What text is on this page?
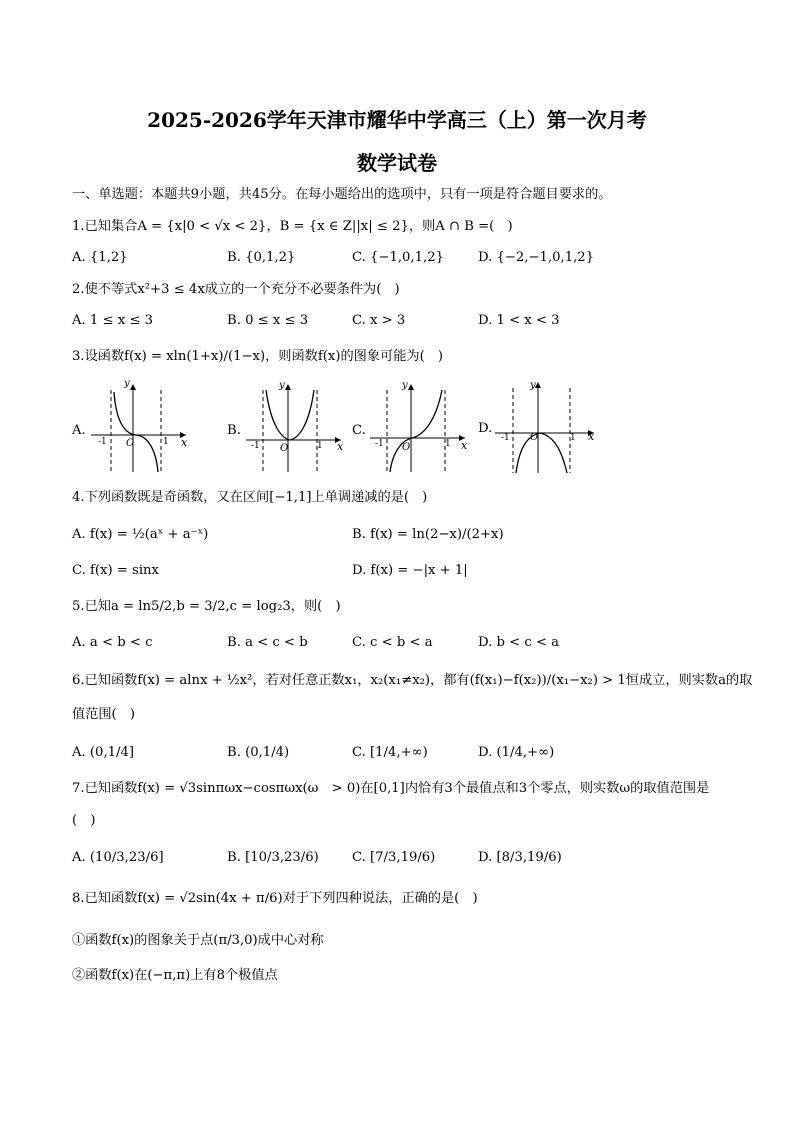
2025-2026学年天津市耀华中学高三（上）第一次月考
数学试卷
一、单选题：本题共9小题，共45分。在每小题给出的选项中，只有一项是符合题目要求的。
1.已知集合A = {x|0 < √x < 2}，B = {x ∈ Z||x| ≤ 2}，则A ∩ B =(　)
A. {1,2}	B. {0,1,2}	C. {−1,0,1,2}	D. {−2,−1,0,1,2}
2.使不等式x²+3 ≤ 4x成立的一个充分不必要条件为(　)
A. 1 ≤ x ≤ 3	B. 0 ≤ x ≤ 3	C. x > 3	D. 1 < x < 3
3.设函数f(x) = xln(1+x)/(1−x)，则函数f(x)的图象可能为(　)
A.
y
x
O
-1	1
B.
y
x
O
-1	1
C.
y
x
O
-1	1
D.
y
x
O
-1	1
4.下列函数既是奇函数，又在区间[−1,1]上单调递减的是(　)
A. f(x) = ½(aˣ + a⁻ˣ)	B. f(x) = ln(2−x)/(2+x)
C. f(x) = sinx	D. f(x) = −|x + 1|
5.已知a = ln5/2,b = 3/2,c = log₂3，则(　)
A. a < b < c	B. a < c < b	C. c < b < a	D. b < c < a
6.已知函数f(x) = alnx + ½x²，若对任意正数x₁，x₂(x₁≠x₂)，都有(f(x₁)−f(x₂))/(x₁−x₂) > 1恒成立，则实数a的取
值范围(　)
A. (0,1/4]	B. (0,1/4)	C. [1/4,+∞)	D. (1/4,+∞)
7.已知函数f(x) = √3sinπωx−cosπωx(ω　> 0)在[0,1]内恰有3个最值点和3个零点，则实数ω的取值范围是
(　)
A. (10/3,23/6]	B. [10/3,23/6)	C. [7/3,19/6)	D. [8/3,19/6)
8.已知函数f(x) = √2sin(4x + π/6)对于下列四种说法，正确的是(　)
①函数f(x)的图象关于点(π/3,0)成中心对称
②函数f(x)在(−π,π)上有8个极值点
